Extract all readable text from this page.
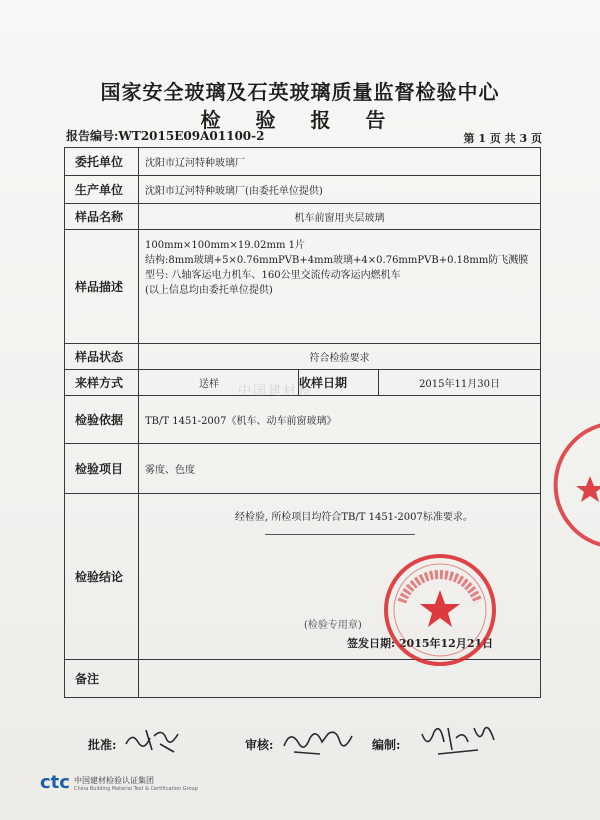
国家安全玻璃及石英玻璃质量监督检验中心
检 验 报 告
报告编号:WT2015E09A01100-2	第 1 页 共 3 页
委托单位	沈阳市辽河特种玻璃厂		
生产单位	沈阳市辽河特种玻璃厂(由委托单位提供)		
样品名称	机车前窗用夹层玻璃		
样品描述	100mm×100mm×19.02mm 1片
结构:8mm玻璃+5×0.76mmPVB+4mm玻璃+4×0.76mmPVB+0.18mm防飞溅膜
型号: 八轴客运电力机车、160公里交流传动客运内燃机车
(以上信息均由委托单位提供)		

样品状态	符合检验要求		
来样方式	送样	收样日期	2015年11月30日
检验依据	TB/T 1451-2007《机车、动车前窗玻璃》		
检验项目	雾度、色度		
检验结论	经检验, 所检项目均符合TB/T 1451-2007标准要求。
(检验专用章)
签发日期: 2015年12月21日		

备注			
中国建材检
批准:	审核:	编制:
ctc 中国建材检验认证集团
China Building Material Test & Certification Group
